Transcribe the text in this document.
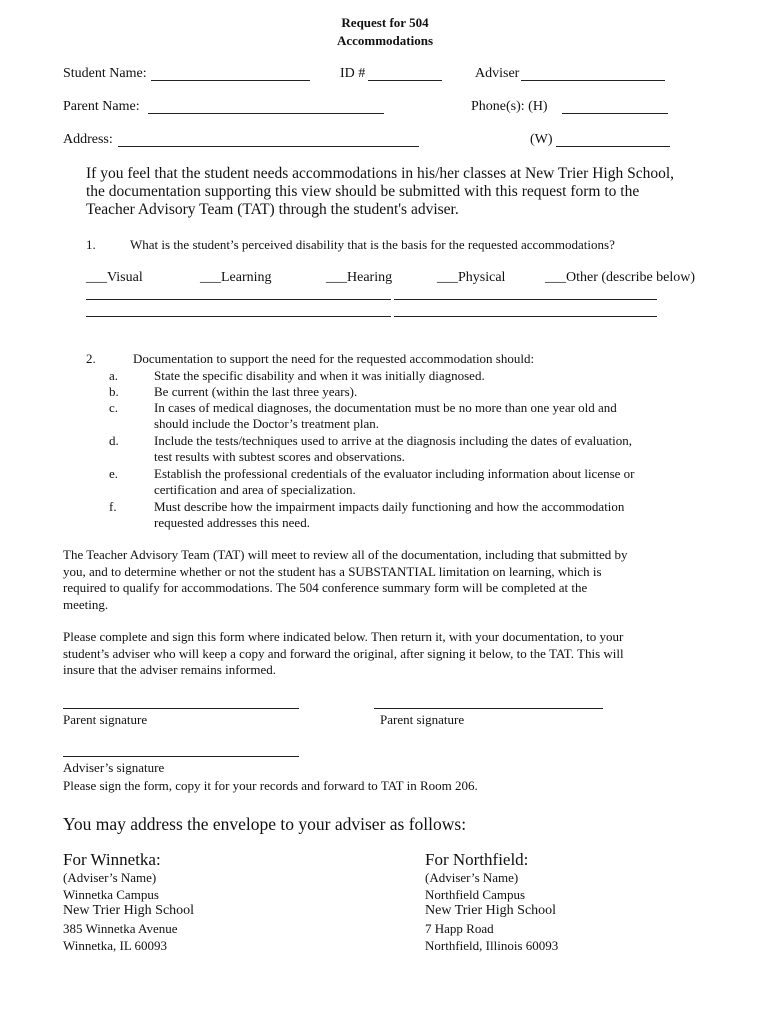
Request for 504
Accommodations
Student Name:	ID #	Adviser
Parent Name:	Phone(s): (H)
Address:	(W)
If you feel that the student needs accommodations in his/her classes at New Trier High School,
the documentation supporting this view should be submitted with this request form to the
Teacher Advisory Team (TAT) through the student's adviser.
1.	What is the student’s perceived disability that is the basis for the requested accommodations?
___Visual	___Learning	___Hearing	___Physical	___Other (describe below)
2.	Documentation to support the need for the requested accommodation should:
a.	State the specific disability and when it was initially diagnosed.
b.	Be current (within the last three years).
c.	In cases of medical diagnoses, the documentation must be no more than one year old and
should include the Doctor’s treatment plan.
d.	Include the tests/techniques used to arrive at the diagnosis including the dates of evaluation,
test results with subtest scores and observations.
e.	Establish the professional credentials of the evaluator including information about license or
certification and area of specialization.
f.	Must describe how the impairment impacts daily functioning and how the accommodation
requested addresses this need.
The Teacher Advisory Team (TAT) will meet to review all of the documentation, including that submitted by
you, and to determine whether or not the student has a SUBSTANTIAL limitation on learning, which is
required to qualify for accommodations. The 504 conference summary form will be completed at the
meeting.
Please complete and sign this form where indicated below. Then return it, with your documentation, to your
student’s adviser who will keep a copy and forward the original, after signing it below, to the TAT. This will
insure that the adviser remains informed.
Parent signature	Parent signature
Adviser’s signature
Please sign the form, copy it for your records and forward to TAT in Room 206.
You may address the envelope to your adviser as follows:
For Winnetka:
(Adviser’s Name)
Winnetka Campus
New Trier High School
385 Winnetka Avenue
Winnetka, IL 60093
For Northfield:
(Adviser’s Name)
Northfield Campus
New Trier High School
7 Happ Road
Northfield, Illinois 60093
